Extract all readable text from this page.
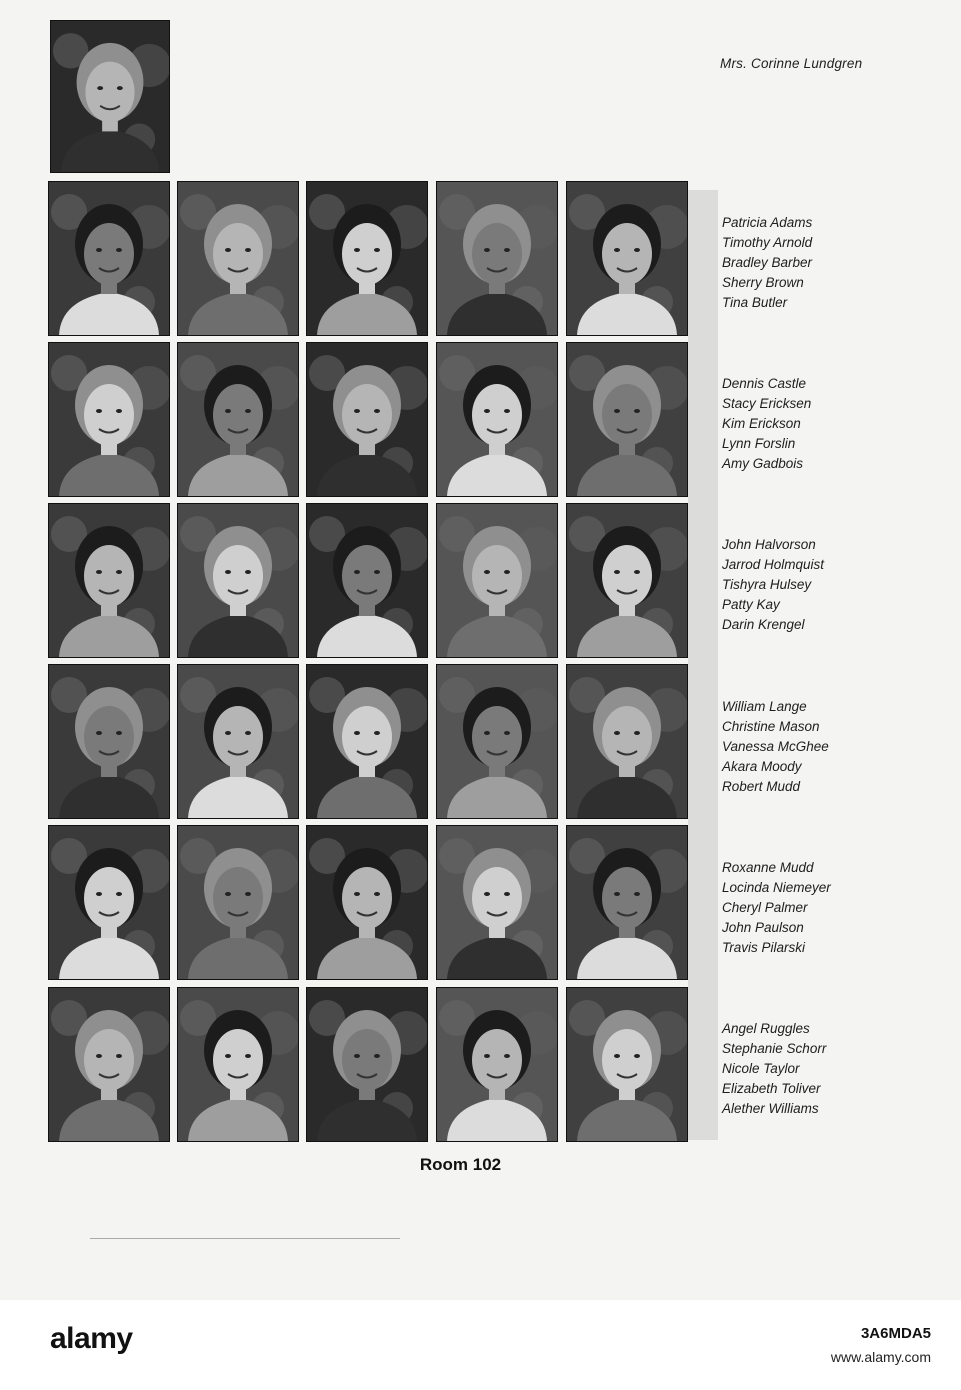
Mrs. Corinne Lundgren
Patricia Adams
Timothy Arnold
Bradley Barber
Sherry Brown
Tina Butler
Dennis Castle
Stacy Ericksen
Kim Erickson
Lynn Forslin
Amy Gadbois
John Halvorson
Jarrod Holmquist
Tishyra Hulsey
Patty Kay
Darin Krengel
William Lange
Christine Mason
Vanessa McGhee
Akara Moody
Robert Mudd
Roxanne Mudd
Locinda Niemeyer
Cheryl Palmer
John Paulson
Travis Pilarski
Angel Ruggles
Stephanie Schorr
Nicole Taylor
Elizabeth Toliver
Alether Williams
Room 102
alamy	3A6MDA5
www.alamy.com
